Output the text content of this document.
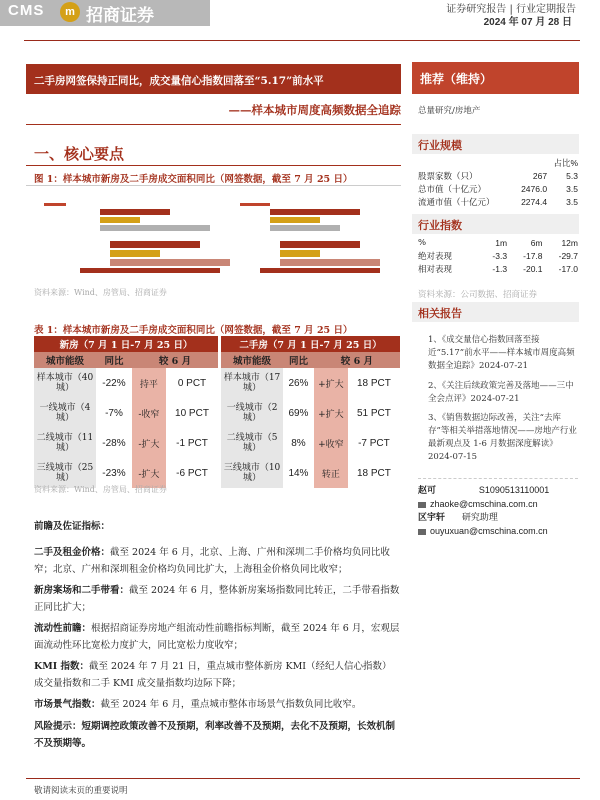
CMS	m 招商证券	证券研究报告 | 行业定期报告
2024 年 07 月 28 日
二手房网签保持正同比，成交量信心指数回落至“5.17”前水平
——样本城市周度高频数据全追踪
一、核心要点
图 1：样本城市新房及二手房成交面积同比（网签数据，截至 7 月 25 日）
资料来源：Wind、房管局、招商证券
表 1：样本城市新房及二手房成交面积同比（网签数据，截至 7 月 25 日）
新房（7 月 1 日-7 月 25 日）					二手房（7 月 1 日-7 月 25 日）			
城市能级	同比	较 6 月			城市能级	同比	较 6 月	
样本城市（40 城）	-22%	持平	0 PCT		样本城市（17 城）	26%	+扩大	18 PCT
一线城市（4 城）	-7%	-收窄	10 PCT		一线城市（2 城）	69%	+扩大	51 PCT
二线城市（11 城）	-28%	-扩大	-1 PCT		二线城市（5 城）	8%	+收窄	-7 PCT
三线城市（25 城）	-23%	-扩大	-6 PCT		三线城市（10 城）	14%	转正	18 PCT
资料来源：Wind、房管局、招商证券
前瞻及佐证指标：
二手及租金价格：截至 2024 年 6 月，北京、上海、广州和深圳二手价格均负同比收窄；北京、广州和深圳租金价格均负同比扩大，上海租金价格负同比收窄；
新房案场和二手带看：截至 2024 年 6 月，整体新房案场指数同比转正，二手带看指数正同比扩大；
流动性前瞻：根据招商证券房地产组流动性前瞻指标判断，截至 2024 年 6 月，宏观层面流动性环比宽松力度扩大，同比宽松力度收窄；
KMI 指数：截至 2024 年 7 月 21 日，重点城市整体新房 KMI（经纪人信心指数）成交量指数和二手 KMI 成交量指数均边际下降；
市场景气指数：截至 2024 年 6 月，重点城市整体市场景气指数负同比收窄。
风险提示：短期调控政策改善不及预期，利率改善不及预期，去化不及预期，长效机制不及预期等。
推荐（维持）
总量研究/房地产
行业规模
		占比%
股票家数（只）	267	5.3
总市值（十亿元）	2476.0	3.5
流通市值（十亿元）	2274.4	3.5
行业指数
%	1m	6m	12m
绝对表现	-3.3	-17.8	-29.7
相对表现	-1.3	-20.1	-17.0
资料来源：公司数据、招商证券
相关报告
1、《成交量信心指数回落至接近“5.17”前水平——样本城市周度高频数据全追踪》2024-07-21
2、《关注后续政策完善及落地——三中全会点评》2024-07-21
3、《销售数据边际改善，关注“去库存”等相关举措落地情况——房地产行业最新观点及 1-6 月数据深度解读》2024-07-15
赵可	S1090513110001
zhaoke@cmschina.com.cn
区宇轩 研究助理
ouyuxuan@cmschina.com.cn
敬请阅读末页的重要说明
